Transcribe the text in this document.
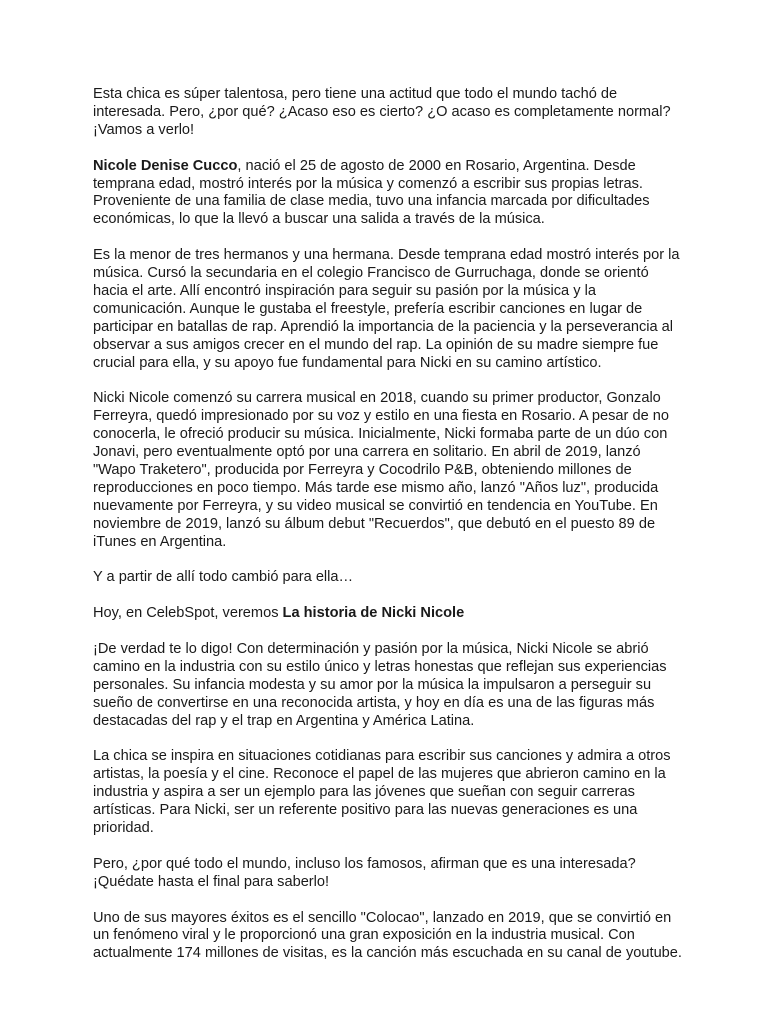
Esta chica es súper talentosa, pero tiene una actitud que todo el mundo tachó de interesada. Pero, ¿por qué? ¿Acaso eso es cierto? ¿O acaso es completamente normal? ¡Vamos a verlo!

Nicole Denise Cucco, nació el 25 de agosto de 2000 en Rosario, Argentina. Desde temprana edad, mostró interés por la música y comenzó a escribir sus propias letras. Proveniente de una familia de clase media, tuvo una infancia marcada por dificultades económicas, lo que la llevó a buscar una salida a través de la música.

Es la menor de tres hermanos y una hermana. Desde temprana edad mostró interés por la música. Cursó la secundaria en el colegio Francisco de Gurruchaga, donde se orientó hacia el arte. Allí encontró inspiración para seguir su pasión por la música y la comunicación. Aunque le gustaba el freestyle, prefería escribir canciones en lugar de participar en batallas de rap. Aprendió la importancia de la paciencia y la perseverancia al observar a sus amigos crecer en el mundo del rap. La opinión de su madre siempre fue crucial para ella, y su apoyo fue fundamental para Nicki en su camino artístico.

Nicki Nicole comenzó su carrera musical en 2018, cuando su primer productor, Gonzalo Ferreyra, quedó impresionado por su voz y estilo en una fiesta en Rosario. A pesar de no conocerla, le ofreció producir su música. Inicialmente, Nicki formaba parte de un dúo con Jonavi, pero eventualmente optó por una carrera en solitario. En abril de 2019, lanzó "Wapo Traketero", producida por Ferreyra y Cocodrilo P&B, obteniendo millones de reproducciones en poco tiempo. Más tarde ese mismo año, lanzó "Años luz", producida nuevamente por Ferreyra, y su video musical se convirtió en tendencia en YouTube. En noviembre de 2019, lanzó su álbum debut "Recuerdos", que debutó en el puesto 89 de iTunes en Argentina.

Y a partir de allí todo cambió para ella…

Hoy, en CelebSpot, veremos La historia de Nicki Nicole

¡De verdad te lo digo! Con determinación y pasión por la música, Nicki Nicole se abrió camino en la industria con su estilo único y letras honestas que reflejan sus experiencias personales. Su infancia modesta y su amor por la música la impulsaron a perseguir su sueño de convertirse en una reconocida artista, y hoy en día es una de las figuras más destacadas del rap y el trap en Argentina y América Latina.

La chica se inspira en situaciones cotidianas para escribir sus canciones y admira a otros artistas, la poesía y el cine. Reconoce el papel de las mujeres que abrieron camino en la industria y aspira a ser un ejemplo para las jóvenes que sueñan con seguir carreras artísticas. Para Nicki, ser un referente positivo para las nuevas generaciones es una prioridad.

Pero, ¿por qué todo el mundo, incluso los famosos, afirman que es una interesada? ¡Quédate hasta el final para saberlo!

Uno de sus mayores éxitos es el sencillo "Colocao", lanzado en 2019, que se convirtió en un fenómeno viral y le proporcionó una gran exposición en la industria musical. Con actualmente 174 millones de visitas, es la canción más escuchada en su canal de youtube.
